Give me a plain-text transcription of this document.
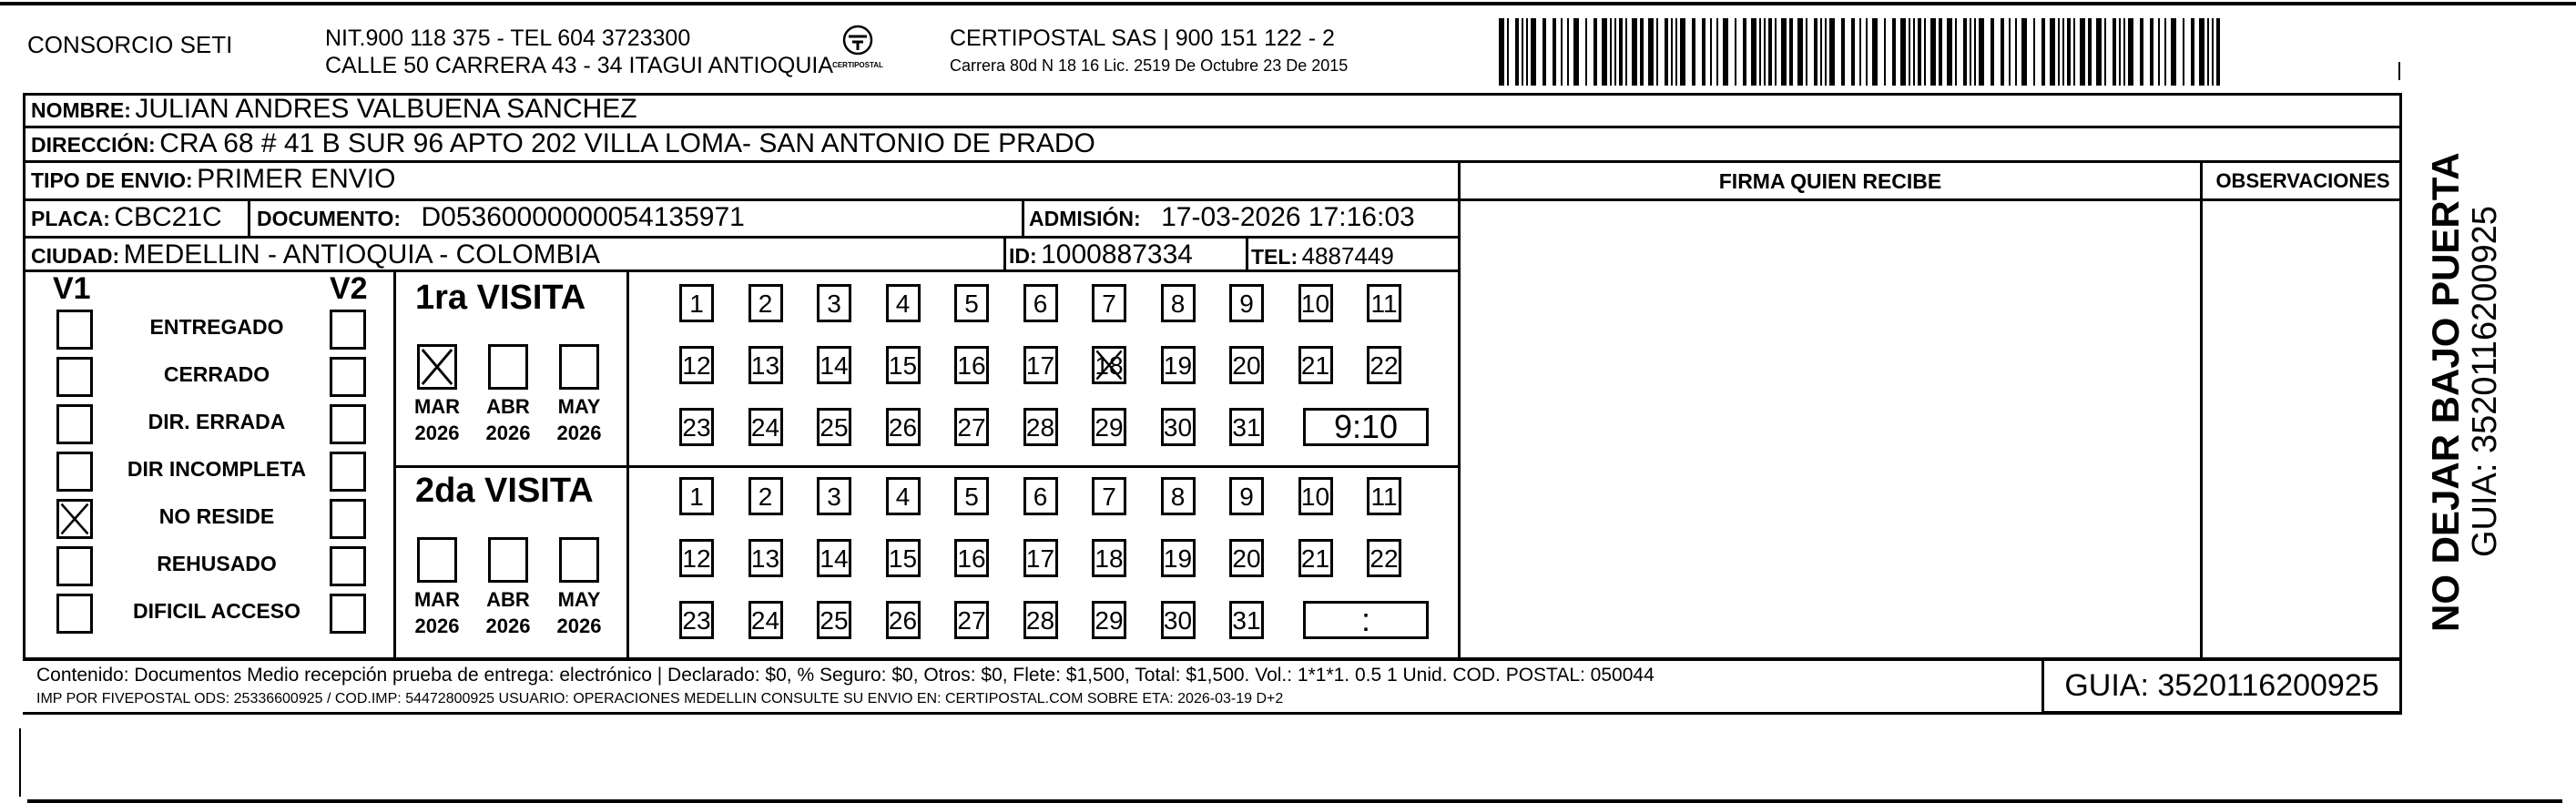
CONSORCIO SETI	NIT.900 118 375 - TEL 604 3723300
CALLE 50 CARRERA 43 - 34 ITAGUI ANTIOQUIA CERTIPOSTAL
CERTIPOSTAL SAS | 900 151 122 - 2
Carrera 80d N 18 16 Lic. 2519 De Octubre 23 De 2015
NOMBRE: JULIAN ANDRES VALBUENA SANCHEZ
DIRECCIÓN: CRA 68 # 41 B SUR 96 APTO 202 VILLA LOMA- SAN ANTONIO DE PRADO
TIPO DE ENVIO: PRIMER ENVIO	FIRMA QUIEN RECIBE	OBSERVACIONES
PLACA: CBC21C DOCUMENTO: D05360000000054135971	ADMISIÓN: 17-03-2026 17:16:03
CIUDAD: MEDELLIN - ANTIOQUIA - COLOMBIA	ID: 1000887334	TEL: 4887449
V1	V2
ENTREGADO
CERRADO
DIR. ERRADA
DIR INCOMPLETA
NO RESIDE
REHUSADO
DIFICIL ACCESO
1ra VISITA
2da VISITA
MAR
2026
ABR
2026
MAY
2026
MAR
2026
ABR
2026
MAY
2026
1	2	3	4	5	6	7	8	9	10 11
12 13 14 15 16 17 18 19 20 21 22
23 24 25 26 27 28 29 30 31	9:10
1	2	3	4	5	6	7	8	9	10 11
12 13 14 15 16 17 18 19 20 21 22
23 24 25 26 27 28 29 30 31	:
Contenido: Documentos Medio recepción prueba de entrega: electrónico | Declarado: $0, % Seguro: $0, Otros: $0, Flete: $1,500, Total: $1,500. Vol.: 1*1*1. 0.5 1 Unid. COD. POSTAL: 050044
IMP POR FIVEPOSTAL ODS: 25336600925 / COD.IMP: 54472800925 USUARIO: OPERACIONES MEDELLIN CONSULTE SU ENVIO EN: CERTIPOSTAL.COM SOBRE ETA: 2026-03-19 D+2	GUIA: 3520116200925
NO DEJAR BAJO PUERTA GUIA: 3520116200925
